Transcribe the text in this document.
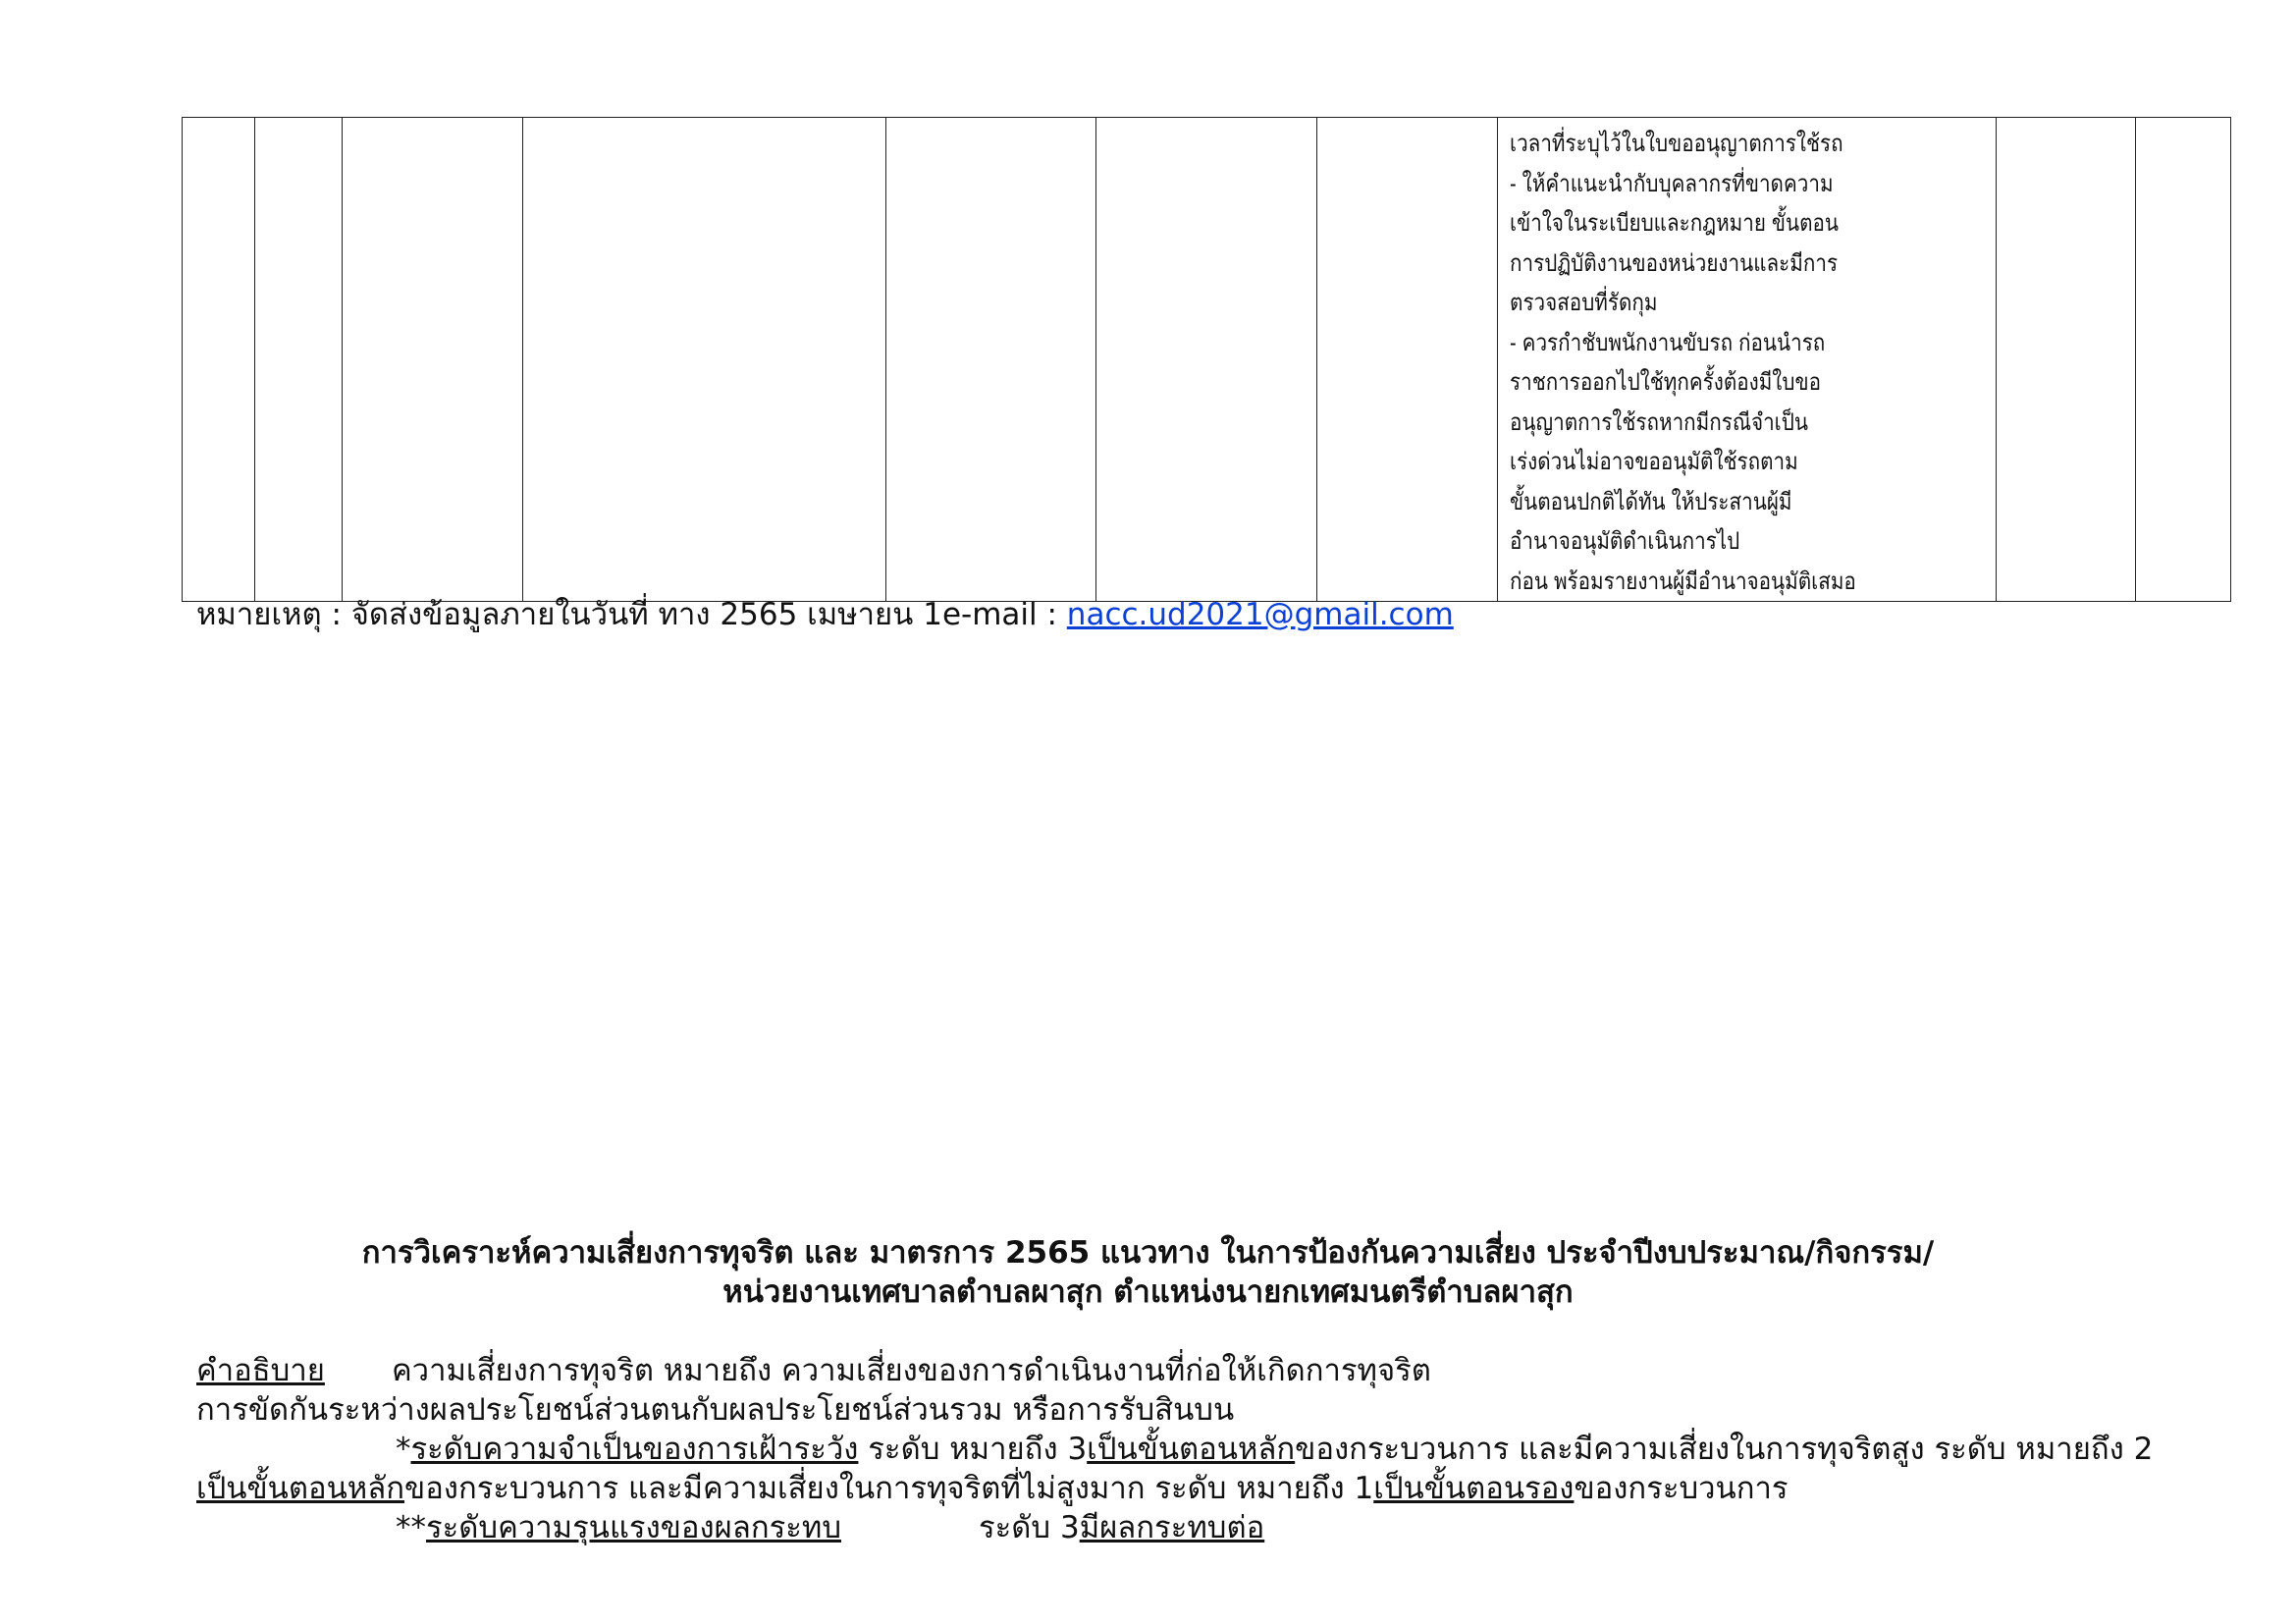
เวลาที่ระบุไว้ในใบขออนุญาตการใช้รถ
- ให้คำแนะนำกับบุคลากรที่ขาดความ
เข้าใจในระเบียบและกฎหมาย ขั้นตอน
การปฏิบัติงานของหน่วยงานและมีการ
ตรวจสอบที่รัดกุม
- ควรกำชับพนักงานขับรถ ก่อนนำรถ
ราชการออกไปใช้ทุกครั้งต้องมีใบขอ
อนุญาตการใช้รถหากมีกรณีจำเป็น
เร่งด่วนไม่อาจขออนุมัติใช้รถตาม
ขั้นตอนปกติได้ทัน ให้ประสานผู้มี
อำนาจอนุมัติดำเนินการไป
ก่อน พร้อมรายงานผู้มีอำนาจอนุมัติเสมอ

หมายเหตุ : จัดส่งข้อมูลภายในวันที่ ทาง 2565 เมษายน 1e-mail : nacc.ud2021@gmail.com
การวิเคราะห์ความเสี่ยงการทุจริต และ มาตรการ 2565 แนวทาง ในการป้องกันความเสี่ยง ประจำปีงบประมาณ/กิจกรรม/
หน่วยงานเทศบาลตำบลผาสุก ตำแหน่งนายกเทศมนตรีตำบลผาสุก
คำอธิบาย ความเสี่ยงการทุจริต หมายถึง ความเสี่ยงของการดำเนินงานที่ก่อให้เกิดการทุจริต
การขัดกันระหว่างผลประโยชน์ส่วนตนกับผลประโยชน์ส่วนรวม หรือการรับสินบน
*ระดับความจำเป็นของการเฝ้าระวัง ระดับ หมายถึง 3เป็นขั้นตอนหลักของกระบวนการ และมีความเสี่ยงในการทุจริตสูง ระดับ หมายถึง 2
เป็นขั้นตอนหลักของกระบวนการ และมีความเสี่ยงในการทุจริตที่ไม่สูงมาก ระดับ หมายถึง 1เป็นขั้นตอนรองของกระบวนการ
**ระดับความรุนแรงของผลกระทบ	ระดับ 3มีผลกระทบต่อ
